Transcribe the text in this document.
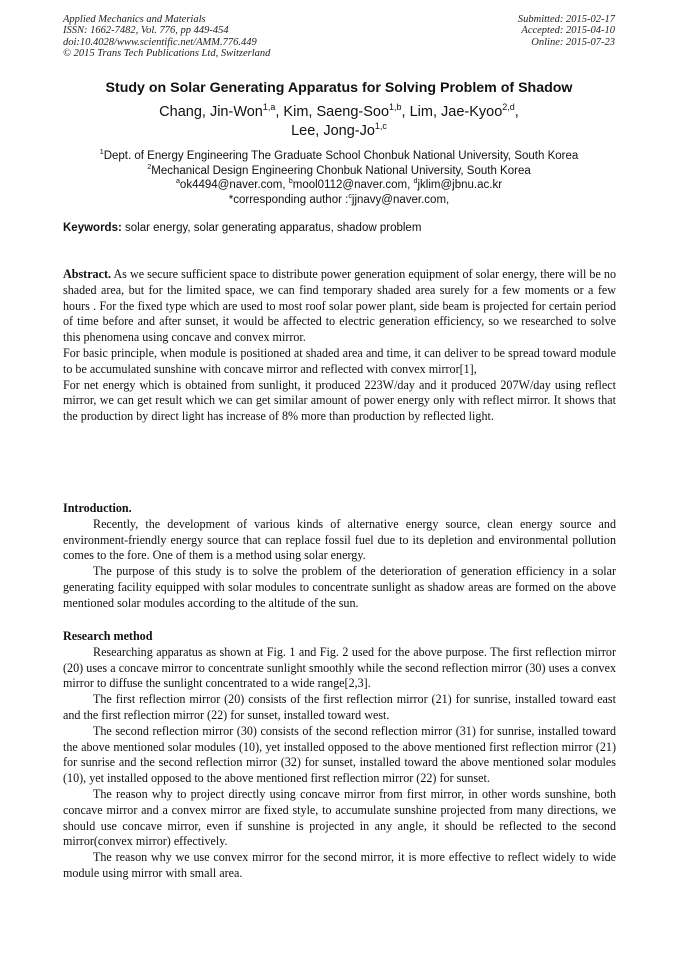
Applied Mechanics and Materials
ISSN: 1662-7482, Vol. 776, pp 449-454
doi:10.4028/www.scientific.net/AMM.776.449
© 2015 Trans Tech Publications Ltd, Switzerland
Submitted: 2015-02-17
Accepted: 2015-04-10
Online: 2015-07-23
Study on Solar Generating Apparatus for Solving Problem of Shadow
Chang, Jin-Won$^{1,a}$, Kim, Saeng-Soo$^{1,b}$, Lim, Jae-Kyoo$^{2,d}$,
Lee, Jong-Jo$^{1,c}$
$^1$Dept. of Energy Engineering The Graduate School Chonbuk National University, South Korea
$^2$Mechanical Design Engineering Chonbuk National University, South Korea
$^a$ok4494@naver.com, $^b$mool0112@naver.com, $^d$jklim@jbnu.ac.kr
*corresponding author :$^c$jjnavy@naver.com,
Keywords: solar energy, solar generating apparatus, shadow problem

Abstract. As we secure sufficient space to distribute power generation equipment of solar energy, there will be no shaded area, but for the limited space, we can find temporary shaded area surely for a few moments or a few hours . For the fixed type which are used to most roof solar power plant, side beam is projected for certain period of time before and after sunset, it would be affected to electric generation efficiency, so we researched to solve this phenomena using concave and convex mirror.

For basic principle, when module is positioned at shaded area and time, it can deliver to be spread toward module to be accumulated sunshine with concave mirror and reflected with convex mirror[1],

For net energy which is obtained from sunlight, it produced 223W/day and it produced 207W/day using reflect mirror, we can get result which we can get similar amount of power energy only with reflect mirror. It shows that the production by direct light has increase of 8% more than production by reflected light.

Introduction.

Recently, the development of various kinds of alternative energy source, clean energy source and environment-friendly energy source that can replace fossil fuel due to its depletion and environmental pollution comes to the fore. One of them is a method using solar energy.

The purpose of this study is to solve the problem of the deterioration of generation efficiency in a solar generating facility equipped with solar modules to concentrate sunlight as shadow areas are formed on the above mentioned solar modules according to the altitude of the sun.

Research method

Researching apparatus as shown at Fig. 1 and Fig. 2 used for the above purpose. The first reflection mirror (20) uses a concave mirror to concentrate sunlight smoothly while the second reflection mirror (30) uses a convex mirror to diffuse the sunlight concentrated to a wide range[2,3].

The first reflection mirror (20) consists of the first reflection mirror (21) for sunrise, installed toward east and the first reflection mirror (22) for sunset, installed toward west.

The second reflection mirror (30) consists of the second reflection mirror (31) for sunrise, installed toward the above mentioned solar modules (10), yet installed opposed to the above mentioned first reflection mirror (21) for sunrise and the second reflection mirror (32) for sunset, installed toward the above mentioned solar modules (10), yet installed opposed to the above mentioned first reflection mirror (22) for sunset.

The reason why to project directly using concave mirror from first mirror, in other words sunshine, both concave mirror and a convex mirror are fixed style, to accumulate sunshine projected from many directions, we should use concave mirror, even if sunshine is projected in any angle, it should be reflected to the second mirror(convex mirror) effectively.

The reason why we use convex mirror for the second mirror, it is more effective to reflect widely to wide module using mirror with small area.
